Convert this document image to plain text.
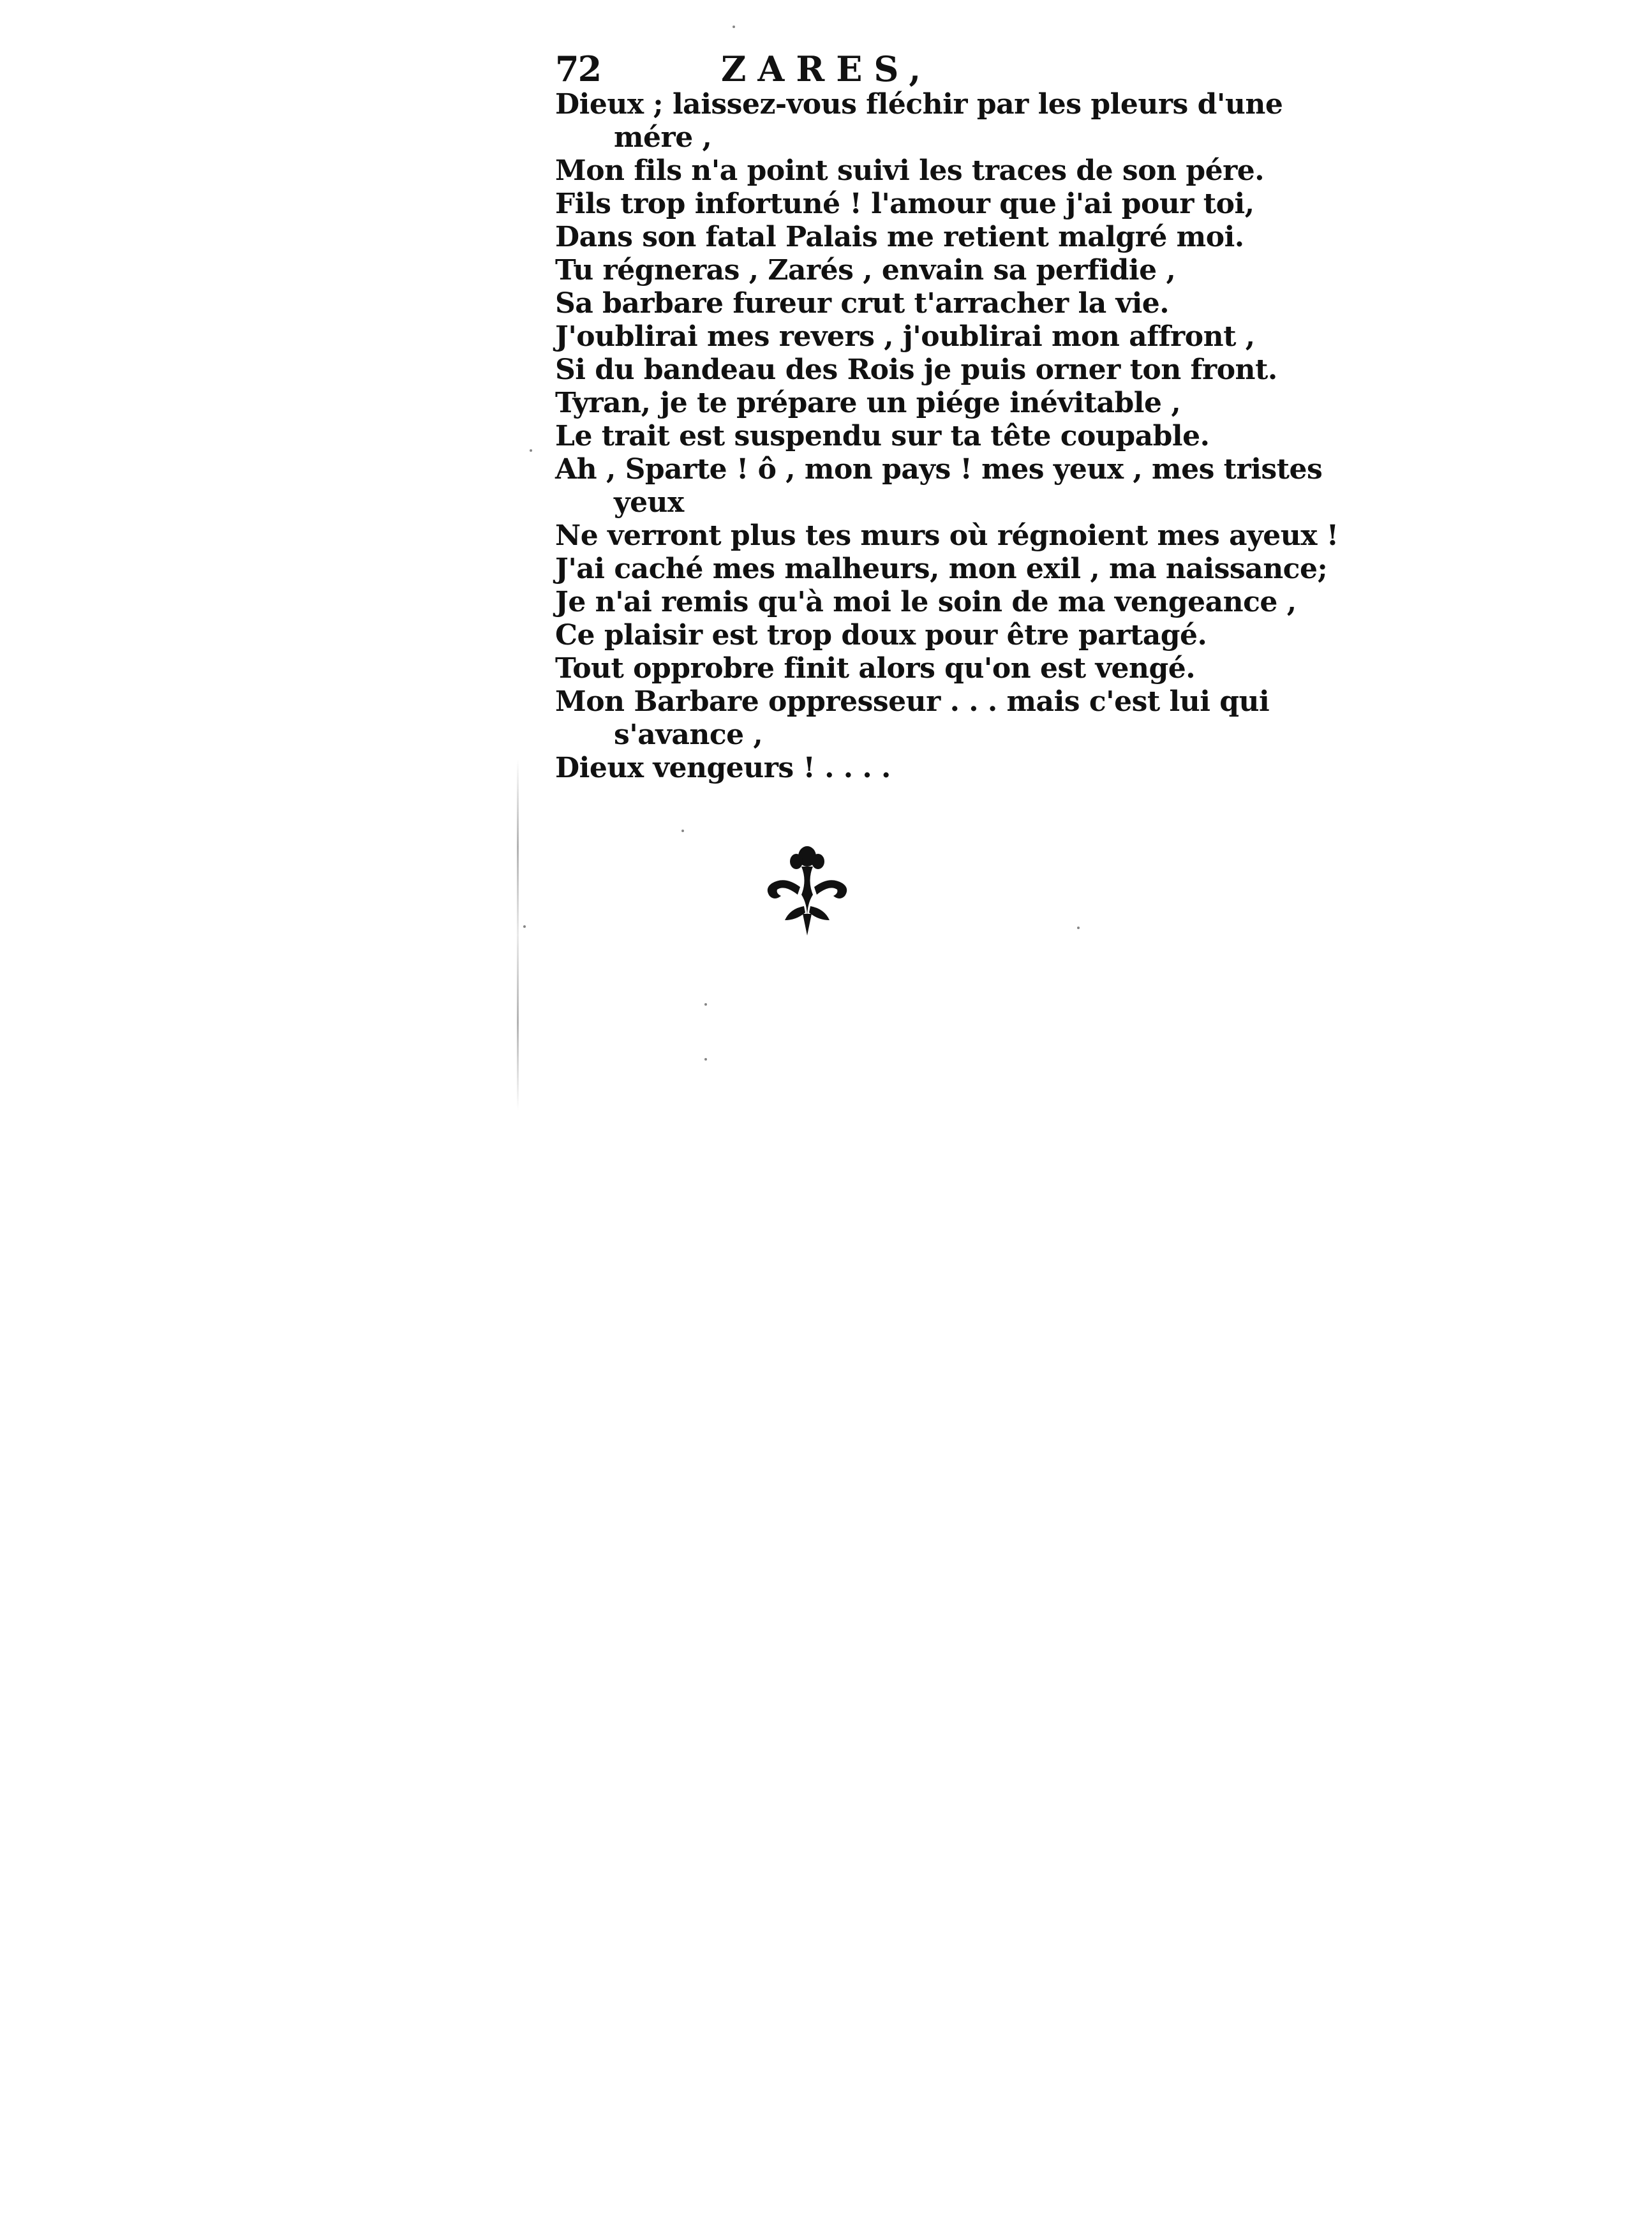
72	ZARES,
Dieux ; laissez-vous fléchir par les pleurs d'une
mére ,
Mon fils n'a point suivi les traces de son pére.
Fils trop infortuné ! l'amour que j'ai pour toi,
Dans son fatal Palais me retient malgré moi.
Tu régneras , Zarés , envain sa perfidie ,
Sa barbare fureur crut t'arracher la vie.
J'oublirai mes revers , j'oublirai mon affront ,
Si du bandeau des Rois je puis orner ton front.
Tyran, je te prépare un piége inévitable ,
Le trait est suspendu sur ta tête coupable.
Ah , Sparte ! ô , mon pays ! mes yeux , mes tristes
yeux
Ne verront plus tes murs où régnoient mes ayeux !
J'ai caché mes malheurs, mon exil , ma naissance;
Je n'ai remis qu'à moi le soin de ma vengeance ,
Ce plaisir est trop doux pour être partagé.
Tout opprobre finit alors qu'on est vengé.
Mon Barbare oppresseur . . . mais c'est lui qui
s'avance ,
Dieux vengeurs ! . . . .
